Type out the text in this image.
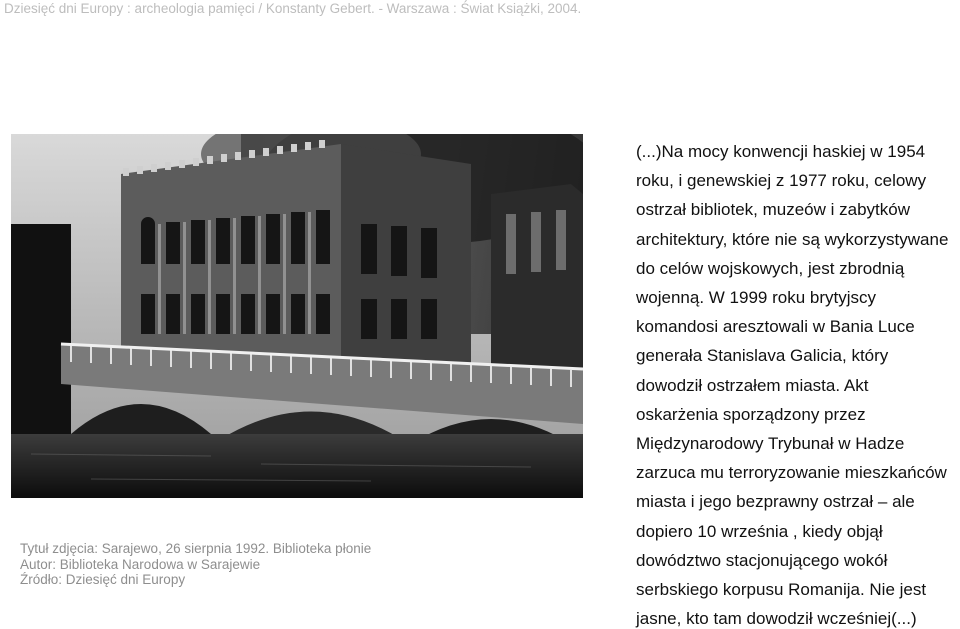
Dziesięć dni Europy : archeologia pamięci / Konstanty Gebert. - Warszawa : Świat Książki, 2004.
Tytuł zdjęcia: Sarajewo, 26 sierpnia 1992. Biblioteka płonie
Autor: Biblioteka Narodowa w Sarajewie
Źródło: Dziesięć dni Europy
(...)Na mocy konwencji haskiej w 1954
roku, i genewskiej z 1977 roku, celowy
ostrzał bibliotek, muzeów i zabytków
architektury, które nie są wykorzystywane
do celów wojskowych, jest zbrodnią
wojenną. W 1999 roku brytyjscy
komandosi aresztowali w Bania Luce
generała Stanislava Galicia, który
dowodził ostrzałem miasta. Akt
oskarżenia sporządzony przez
Międzynarodowy Trybunał w Hadze
zarzuca mu terroryzowanie mieszkańców
miasta i jego bezprawny ostrzał – ale
dopiero 10 września , kiedy objął
dowództwo stacjonującego wokół
serbskiego korpusu Romanija. Nie jest
jasne, kto tam dowodził wcześniej(...)
